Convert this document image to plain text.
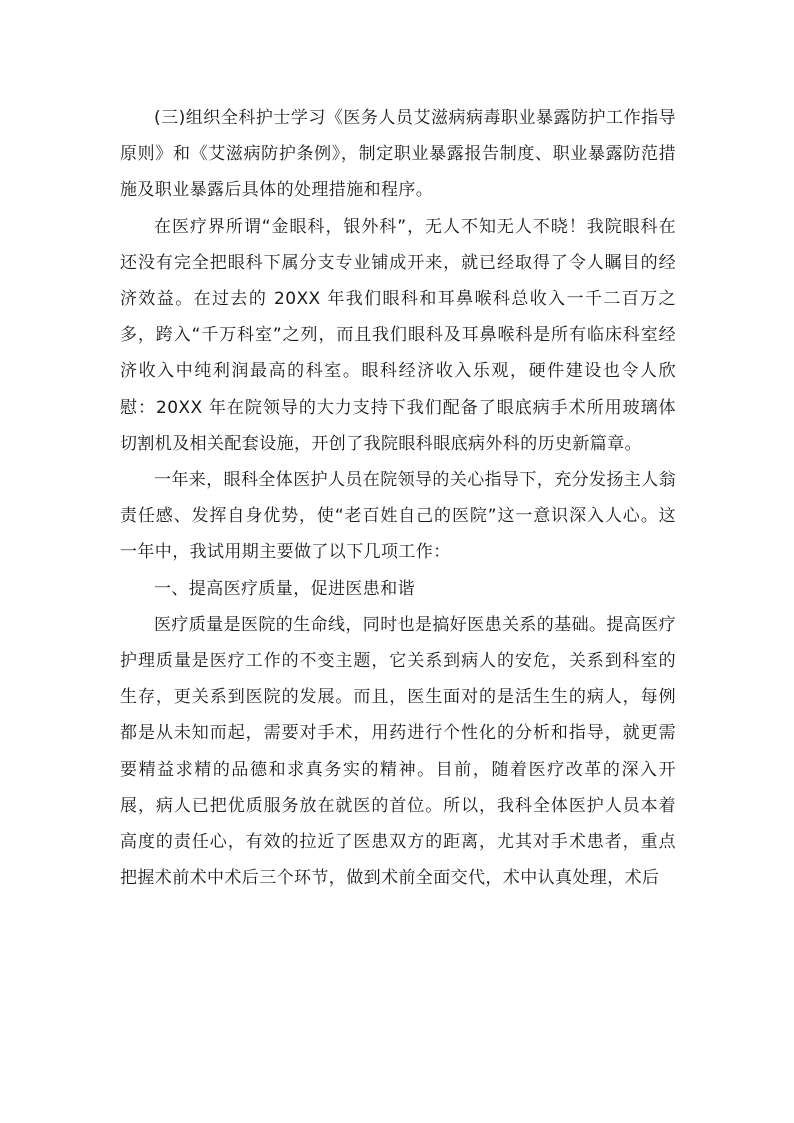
(三)组织全科护士学习《医务人员艾滋病病毒职业暴露防护工作指导原则》和《艾滋病防护条例》，制定职业暴露报告制度、职业暴露防范措施及职业暴露后具体的处理措施和程序。

在医疗界所谓“金眼科，银外科”，无人不知无人不晓！我院眼科在还没有完全把眼科下属分支专业铺成开来，就已经取得了令人瞩目的经济效益。在过去的 20XX 年我们眼科和耳鼻喉科总收入一千二百万之多，跨入“千万科室”之列，而且我们眼科及耳鼻喉科是所有临床科室经济收入中纯利润最高的科室。眼科经济收入乐观，硬件建设也令人欣慰：20XX 年在院领导的大力支持下我们配备了眼底病手术所用玻璃体切割机及相关配套设施，开创了我院眼科眼底病外科的历史新篇章。

一年来，眼科全体医护人员在院领导的关心指导下，充分发扬主人翁责任感、发挥自身优势，使“老百姓自己的医院”这一意识深入人心。这一年中，我试用期主要做了以下几项工作：

一、提高医疗质量，促进医患和谐

医疗质量是医院的生命线，同时也是搞好医患关系的基础。提高医疗护理质量是医疗工作的不变主题，它关系到病人的安危，关系到科室的生存，更关系到医院的发展。而且，医生面对的是活生生的病人，每例都是从未知而起，需要对手术，用药进行个性化的分析和指导，就更需要精益求精的品德和求真务实的精神。目前，随着医疗改革的深入开展，病人已把优质服务放在就医的首位。所以，我科全体医护人员本着高度的责任心，有效的拉近了医患双方的距离，尤其对手术患者，重点把握术前术中术后三个环节，做到术前全面交代，术中认真处理，术后
